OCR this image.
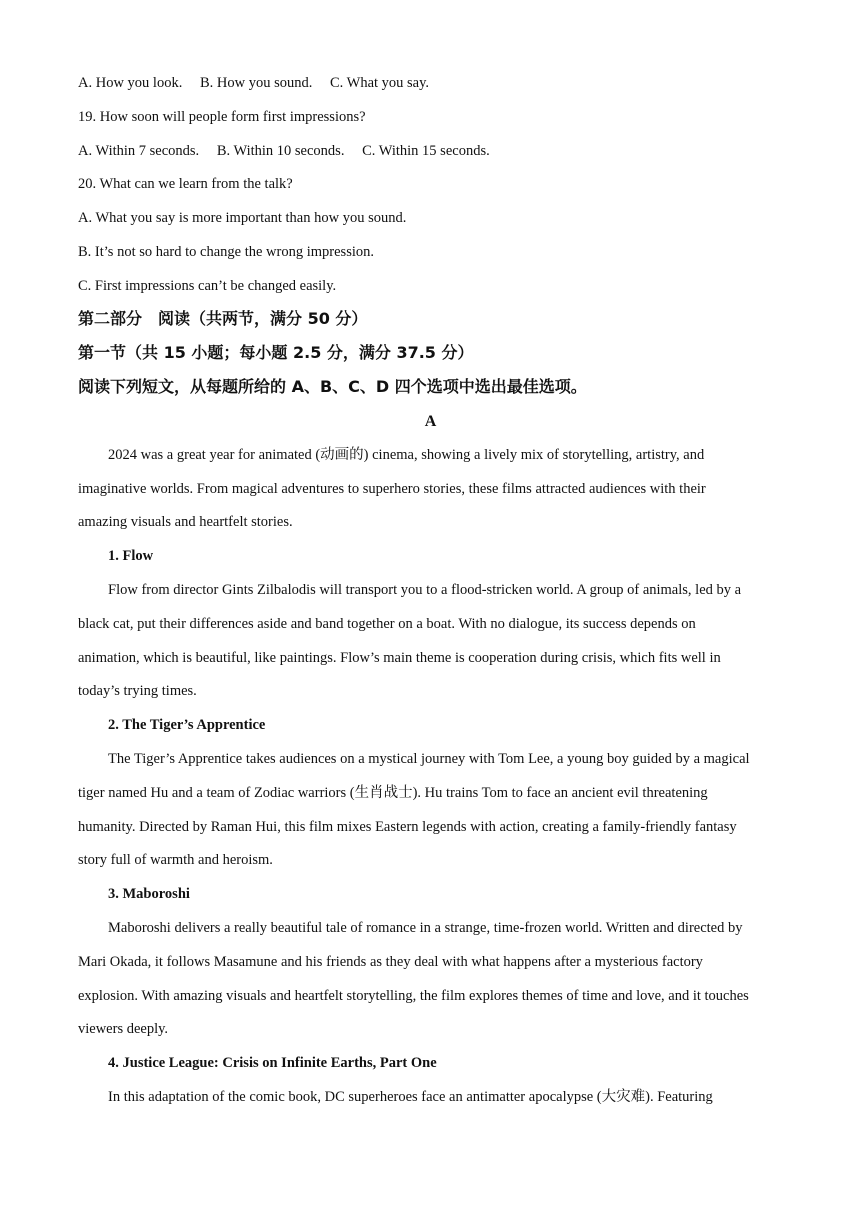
A. How you look. B. How you sound. C. What you say.
19. How soon will people form first impressions?
A. Within 7 seconds. B. Within 10 seconds. C. Within 15 seconds.
20. What can we learn from the talk?
A. What you say is more important than how you sound.
B. It’s not so hard to change the wrong impression.
C. First impressions can’t be changed easily.
第二部分　阅读（共两节，满分 50 分）
第一节（共 15 小题；每小题 2.5 分，满分 37.5 分）
阅读下列短文，从每题所给的 A、B、C、D 四个选项中选出最佳选项。
A
2024 was a great year for animated (动画的) cinema, showing a lively mix of storytelling, artistry, and
imaginative worlds. From magical adventures to superhero stories, these films attracted audiences with their
amazing visuals and heartfelt stories.
1. Flow
Flow from director Gints Zilbalodis will transport you to a flood-stricken world. A group of animals, led by a
black cat, put their differences aside and band together on a boat. With no dialogue, its success depends on
animation, which is beautiful, like paintings. Flow’s main theme is cooperation during crisis, which fits well in
today’s trying times.
2. The Tiger’s Apprentice
The Tiger’s Apprentice takes audiences on a mystical journey with Tom Lee, a young boy guided by a magical
tiger named Hu and a team of Zodiac warriors (生肖战士). Hu trains Tom to face an ancient evil threatening
humanity. Directed by Raman Hui, this film mixes Eastern legends with action, creating a family-friendly fantasy
story full of warmth and heroism.
3. Maboroshi
Maboroshi delivers a really beautiful tale of romance in a strange, time-frozen world. Written and directed by
Mari Okada, it follows Masamune and his friends as they deal with what happens after a mysterious factory
explosion. With amazing visuals and heartfelt storytelling, the film explores themes of time and love, and it touches
viewers deeply.
4. Justice League: Crisis on Infinite Earths, Part One
In this adaptation of the comic book, DC superheroes face an antimatter apocalypse (大灾难). Featuring
